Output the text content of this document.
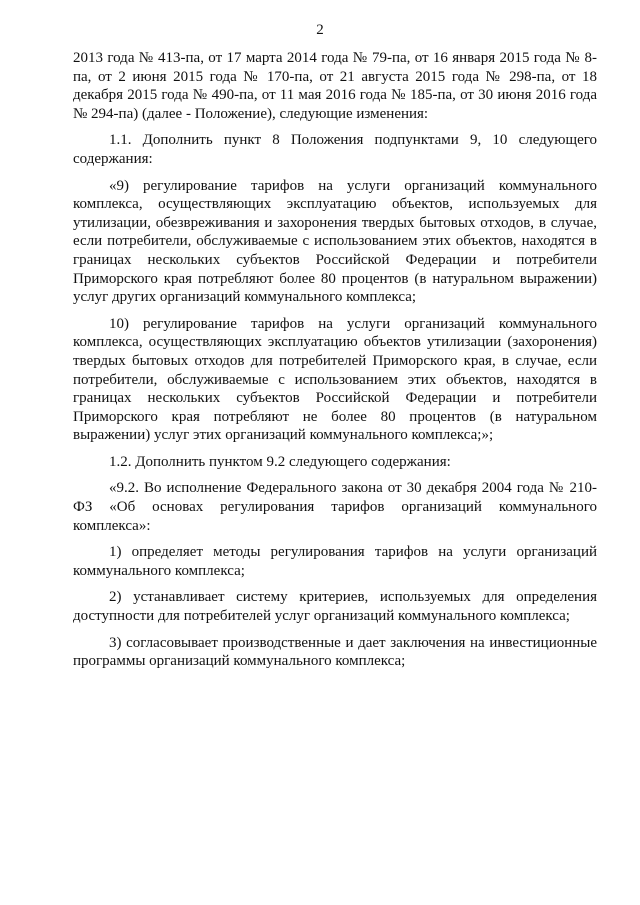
2

2013 года № 413-па, от 17 марта 2014 года № 79-па, от 16 января 2015 года № 8-па, от 2 июня 2015 года № 170-па, от 21 августа 2015 года № 298-па, от 18 декабря 2015 года № 490-па, от 11 мая 2016 года № 185-па, от 30 июня 2016 года № 294-па) (далее - Положение), следующие изменения:

1.1. Дополнить пункт 8 Положения подпунктами 9, 10 следующего содержания:

«9) регулирование тарифов на услуги организаций коммунального комплекса, осуществляющих эксплуатацию объектов, используемых для утилизации, обезвреживания и захоронения твердых бытовых отходов, в случае, если потребители, обслуживаемые с использованием этих объектов, находятся в границах нескольких субъектов Российской Федерации и потребители Приморского края потребляют более 80 процентов (в натуральном выражении) услуг других организаций коммунального комплекса;

10) регулирование тарифов на услуги организаций коммунального комплекса, осуществляющих эксплуатацию объектов утилизации (захоронения) твердых бытовых отходов для потребителей Приморского края, в случае, если потребители, обслуживаемые с использованием этих объектов, находятся в границах нескольких субъектов Российской Федерации и потребители Приморского края потребляют не более 80 процентов (в натуральном выражении) услуг этих организаций коммунального комплекса;»;

1.2. Дополнить пунктом 9.2 следующего содержания:

«9.2. Во исполнение Федерального закона от 30 декабря 2004 года № 210-ФЗ «Об основах регулирования тарифов организаций коммунального комплекса»:

1) определяет методы регулирования тарифов на услуги организаций коммунального комплекса;

2) устанавливает систему критериев, используемых для определения доступности для потребителей услуг организаций коммунального комплекса;

3) согласовывает производственные и дает заключения на инвестиционные программы организаций коммунального комплекса;
